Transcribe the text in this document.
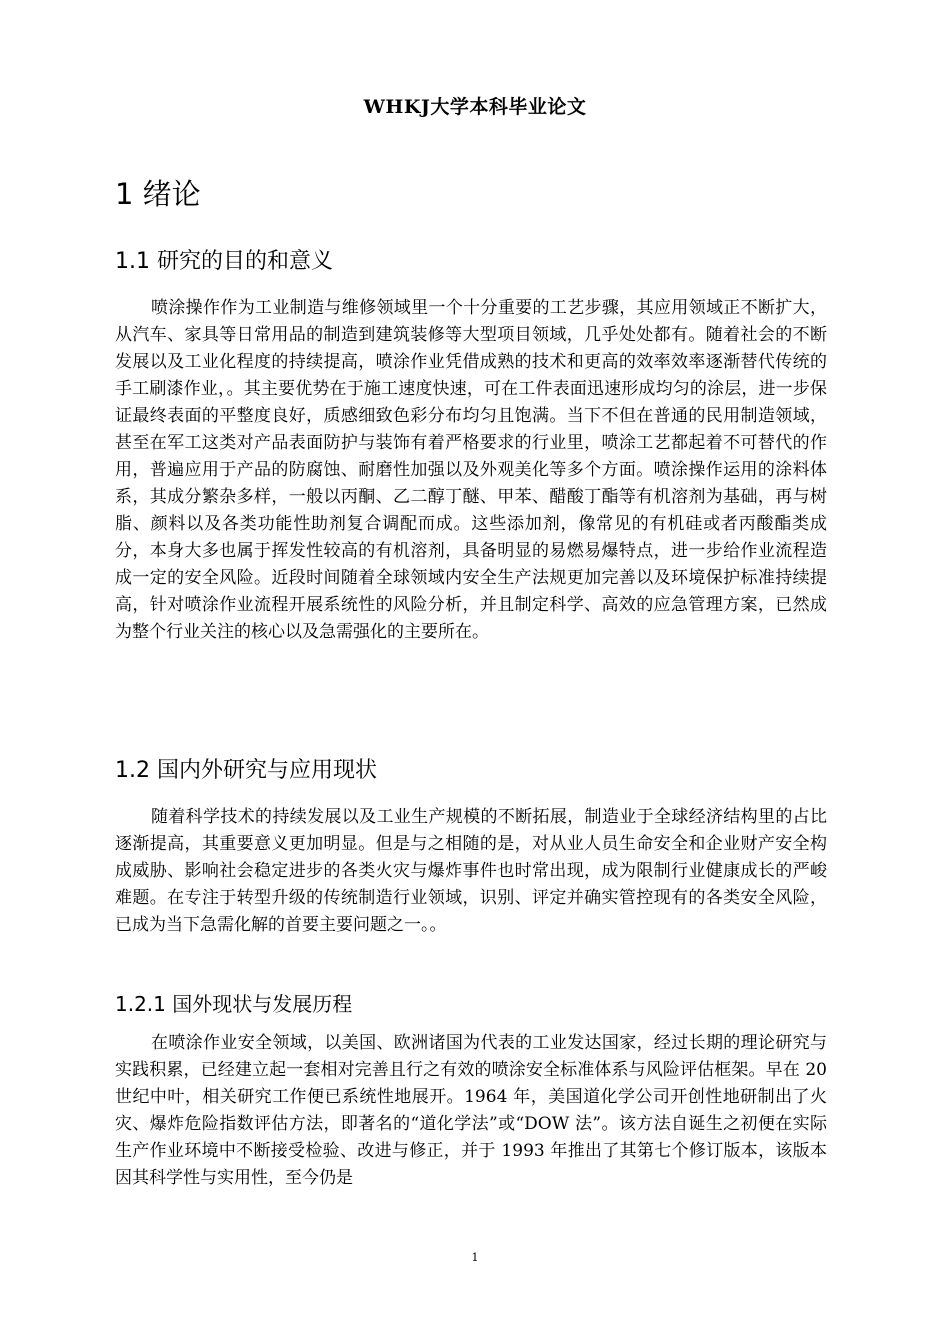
WHKJ大学本科毕业论文
1 绪论
1.1 研究的目的和意义

喷涂操作作为工业制造与维修领域里一个十分重要的工艺步骤，其应用领域正不断扩大，从汽车、家具等日常用品的制造到建筑装修等大型项目领域，几乎处处都有。随着社会的不断发展以及工业化程度的持续提高，喷涂作业凭借成熟的技术和更高的效率效率逐渐替代传统的手工刷漆作业，。其主要优势在于施工速度快速，可在工件表面迅速形成均匀的涂层，进一步保证最终表面的平整度良好，质感细致色彩分布均匀且饱满。当下不但在普通的民用制造领域，甚至在军工这类对产品表面防护与装饰有着严格要求的行业里，喷涂工艺都起着不可替代的作用，普遍应用于产品的防腐蚀、耐磨性加强以及外观美化等多个方面。喷涂操作运用的涂料体系，其成分繁杂多样，一般以丙酮、乙二醇丁醚、甲苯、醋酸丁酯等有机溶剂为基础，再与树脂、颜料以及各类功能性助剂复合调配而成。这些添加剂，像常见的有机硅或者丙酸酯类成分，本身大多也属于挥发性较高的有机溶剂，具备明显的易燃易爆特点，进一步给作业流程造成一定的安全风险。近段时间随着全球领域内安全生产法规更加完善以及环境保护标准持续提高，针对喷涂作业流程开展系统性的风险分析，并且制定科学、高效的应急管理方案，已然成为整个行业关注的核心以及急需强化的主要所在。

1.2 国内外研究与应用现状

随着科学技术的持续发展以及工业生产规模的不断拓展，制造业于全球经济结构里的占比逐渐提高，其重要意义更加明显。但是与之相随的是，对从业人员生命安全和企业财产安全构成威胁、影响社会稳定进步的各类火灾与爆炸事件也时常出现，成为限制行业健康成长的严峻难题。在专注于转型升级的传统制造行业领域，识别、评定并确实管控现有的各类安全风险，已成为当下急需化解的首要主要问题之一。。

1.2.1 国外现状与发展历程

在喷涂作业安全领域，以美国、欧洲诸国为代表的工业发达国家，经过长期的理论研究与实践积累，已经建立起一套相对完善且行之有效的喷涂安全标准体系与风险评估框架。早在 20 世纪中叶，相关研究工作便已系统性地展开。1964 年，美国道化学公司开创性地研制出了火灾、爆炸危险指数评估方法，即著名的“道化学法”或“DOW 法”。该方法自诞生之初便在实际生产作业环境中不断接受检验、改进与修正，并于 1993 年推出了其第七个修订版本，该版本因其科学性与实用性，至今仍是

1
